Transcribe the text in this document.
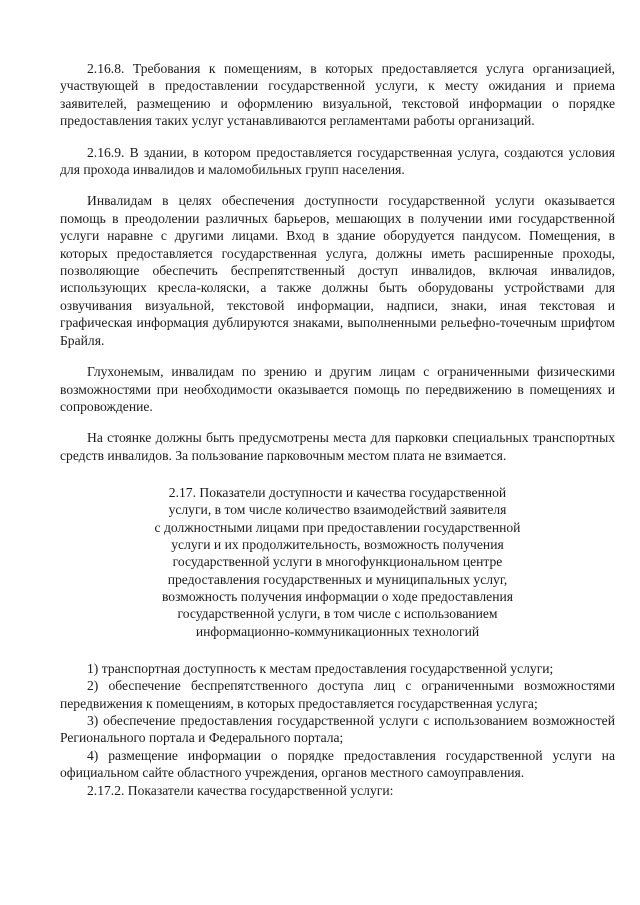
2.16.8. Требования к помещениям, в которых предоставляется услуга организацией, участвующей в предоставлении государственной услуги, к месту ожидания и приема заявителей, размещению и оформлению визуальной, текстовой информации о порядке предоставления таких услуг устанавливаются регламентами работы организаций.

2.16.9. В здании, в котором предоставляется государственная услуга, создаются условия для прохода инвалидов и маломобильных групп населения.

Инвалидам в целях обеспечения доступности государственной услуги оказывается помощь в преодолении различных барьеров, мешающих в получении ими государственной услуги наравне с другими лицами. Вход в здание оборудуется пандусом. Помещения, в которых предоставляется государственная услуга, должны иметь расширенные проходы, позволяющие обеспечить беспрепятственный доступ инвалидов, включая инвалидов, использующих кресла-коляски, а также должны быть оборудованы устройствами для озвучивания визуальной, текстовой информации, надписи, знаки, иная текстовая и графическая информация дублируются знаками, выполненными рельефно-точечным шрифтом Брайля.

Глухонемым, инвалидам по зрению и другим лицам с ограниченными физическими возможностями при необходимости оказывается помощь по передвижению в помещениях и сопровождение.

На стоянке должны быть предусмотрены места для парковки специальных транспортных средств инвалидов. За пользование парковочным местом плата не взимается.

2.17. Показатели доступности и качества государственной
услуги, в том числе количество взаимодействий заявителя
с должностными лицами при предоставлении государственной
услуги и их продолжительность, возможность получения
государственной услуги в многофункциональном центре
предоставления государственных и муниципальных услуг,
возможность получения информации о ходе предоставления
государственной услуги, в том числе с использованием
информационно-коммуникационных технологий

1) транспортная доступность к местам предоставления государственной услуги;

2) обеспечение беспрепятственного доступа лиц с ограниченными возможностями передвижения к помещениям, в которых предоставляется государственная услуга;

3) обеспечение предоставления государственной услуги с использованием возможностей Регионального портала и Федерального портала;

4) размещение информации о порядке предоставления государственной услуги на официальном сайте областного учреждения, органов местного самоуправления.

2.17.2. Показатели качества государственной услуги:
